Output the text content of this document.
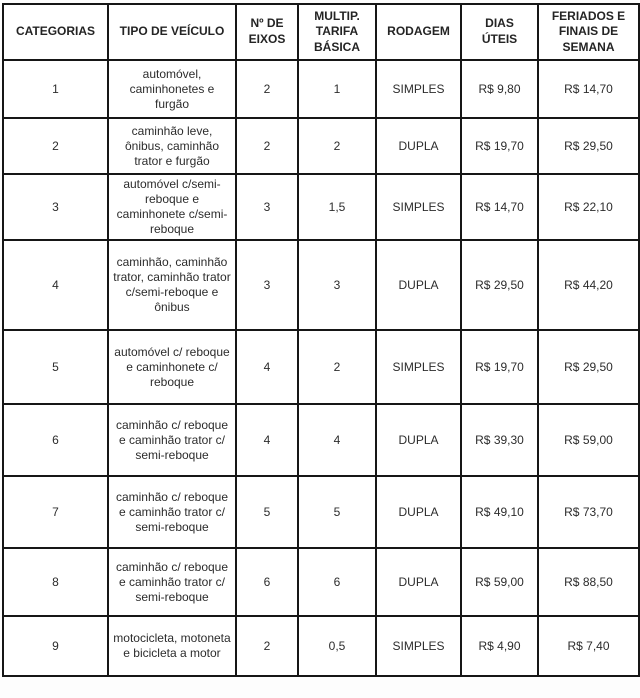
CATEGORIAS	TIPO DE VEÍCULO	Nº DE EIXOS	MULTIP. TARIFA BÁSICA	RODAGEM	DIAS ÚTEIS	FERIADOS E FINAIS DE SEMANA
1	automóvel, caminhonetes e furgão	2	1	SIMPLES	R$ 9,80	R$ 14,70
2	caminhão leve, ônibus, caminhão trator e furgão	2	2	DUPLA	R$ 19,70	R$ 29,50
3	automóvel c/semi-reboque e caminhonete c/semi-reboque	3	1,5	SIMPLES	R$ 14,70	R$ 22,10
4	caminhão, caminhão trator, caminhão trator c/semi-reboque e ônibus	3	3	DUPLA	R$ 29,50	R$ 44,20
5	automóvel c/ reboque e caminhonete c/ reboque	4	2	SIMPLES	R$ 19,70	R$ 29,50
6	caminhão c/ reboque e caminhão trator c/ semi-reboque	4	4	DUPLA	R$ 39,30	R$ 59,00
7	caminhão c/ reboque e caminhão trator c/ semi-reboque	5	5	DUPLA	R$ 49,10	R$ 73,70
8	caminhão c/ reboque e caminhão trator c/ semi-reboque	6	6	DUPLA	R$ 59,00	R$ 88,50
9	motocicleta, motoneta e bicicleta a motor	2	0,5	SIMPLES	R$ 4,90	R$ 7,40
